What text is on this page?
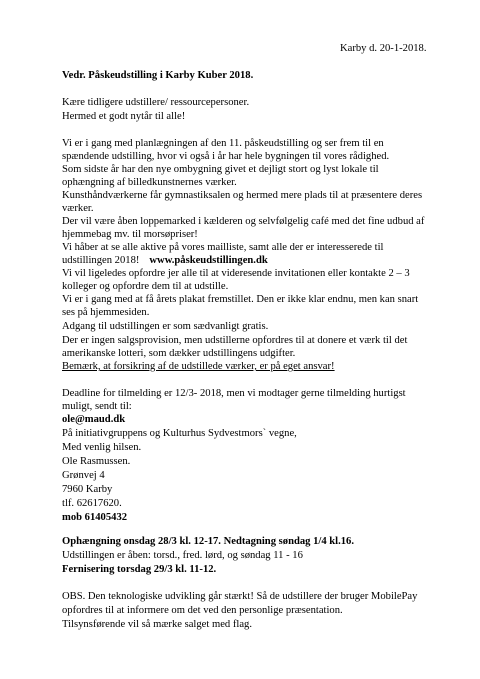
Karby d. 20-1-2018.
Vedr. Påskeudstilling i Karby Kuber 2018.
Kære tidligere udstillere/ ressourcepersoner.
Hermed et godt nytår til alle!
Vi er i gang med planlægningen af den 11. påskeudstilling og ser frem til en
spændende udstilling, hvor vi også i år har hele bygningen til vores rådighed.
Som sidste år har den nye ombygning givet et dejligt stort og lyst lokale til
ophængning af billedkunstnernes værker.
Kunsthåndværkerne får gymnastiksalen og hermed mere plads til at præsentere deres
værker.
Der vil være åben loppemarked i kælderen og selvfølgelig café med det fine udbud af
hjemmebag mv. til morsøpriser!
Vi håber at se alle aktive på vores mailliste, samt alle der er interesserede til
udstillingen 2018! www.påskeudstillingen.dk
Vi vil ligeledes opfordre jer alle til at videresende invitationen eller kontakte 2 – 3
kolleger og opfordre dem til at udstille.
Vi er i gang med at få årets plakat fremstillet. Den er ikke klar endnu, men kan snart
ses på hjemmesiden.
Adgang til udstillingen er som sædvanligt gratis.
Der er ingen salgsprovision, men udstillerne opfordres til at donere et værk til det
amerikanske lotteri, som dækker udstillingens udgifter.
Bemærk, at forsikring af de udstillede værker, er på eget ansvar!
Deadline for tilmelding er 12/3- 2018, men vi modtager gerne tilmelding hurtigst
muligt, sendt til:
ole@maud.dk
På initiativgruppens og Kulturhus Sydvestmors` vegne,
Med venlig hilsen.
Ole Rasmussen.
Grønvej 4
7960 Karby
tlf. 62617620.
mob 61405432
Ophængning onsdag 28/3 kl. 12-17. Nedtagning søndag 1/4 kl.16.
Udstillingen er åben: torsd., fred. lørd, og søndag 11 - 16
Fernisering torsdag 29/3 kl. 11-12.
OBS. Den teknologiske udvikling går stærkt! Så de udstillere der bruger MobilePay
opfordres til at informere om det ved den personlige præsentation.
Tilsynsførende vil så mærke salget med flag.
